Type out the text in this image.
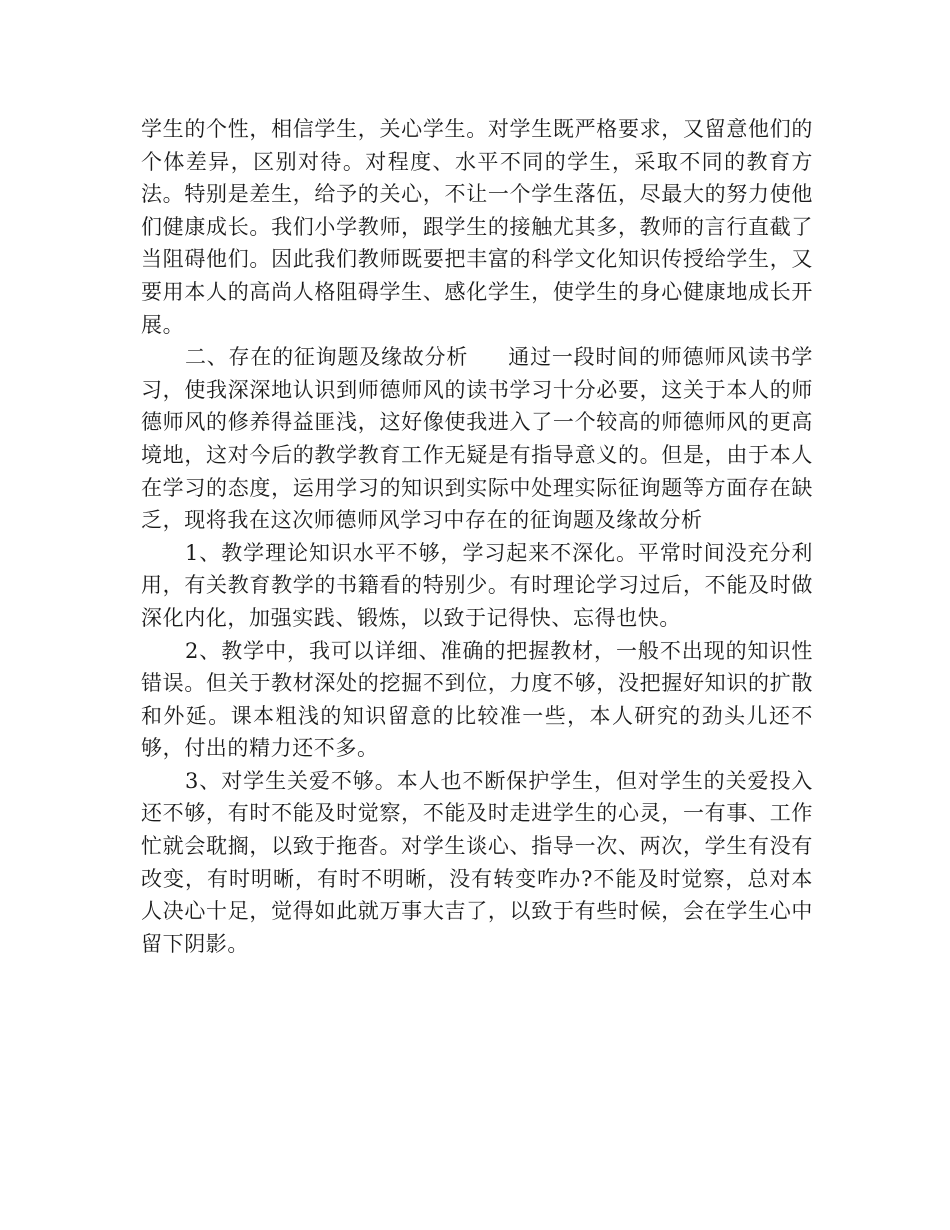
学生的个性，相信学生，关心学生。对学生既严格要求，又留意他们的个体差异，区别对待。对程度、水平不同的学生，采取不同的教育方法。特别是差生，给予的关心，不让一个学生落伍，尽最大的努力使他们健康成长。我们小学教师，跟学生的接触尤其多，教师的言行直截了当阻碍他们。因此我们教师既要把丰富的科学文化知识传授给学生，又要用本人的高尚人格阻碍学生、感化学生，使学生的身心健康地成长开展。

二、存在的征询题及缘故分析 通过一段时间的师德师风读书学习，使我深深地认识到师德师风的读书学习十分必要，这关于本人的师德师风的修养得益匪浅，这好像使我进入了一个较高的师德师风的更高境地，这对今后的教学教育工作无疑是有指导意义的。但是，由于本人在学习的态度，运用学习的知识到实际中处理实际征询题等方面存在缺乏，现将我在这次师德师风学习中存在的征询题及缘故分析

1、教学理论知识水平不够，学习起来不深化。平常时间没充分利用，有关教育教学的书籍看的特别少。有时理论学习过后，不能及时做深化内化，加强实践、锻炼，以致于记得快、忘得也快。

2、教学中，我可以详细、准确的把握教材，一般不出现的知识性错误。但关于教材深处的挖掘不到位，力度不够，没把握好知识的扩散和外延。课本粗浅的知识留意的比较准一些，本人研究的劲头儿还不够，付出的精力还不多。

3、对学生关爱不够。本人也不断保护学生，但对学生的关爱投入还不够，有时不能及时觉察，不能及时走进学生的心灵，一有事、工作忙就会耽搁，以致于拖沓。对学生谈心、指导一次、两次，学生有没有改变，有时明晰，有时不明晰，没有转变咋办?不能及时觉察，总对本人决心十足，觉得如此就万事大吉了，以致于有些时候，会在学生心中留下阴影。
